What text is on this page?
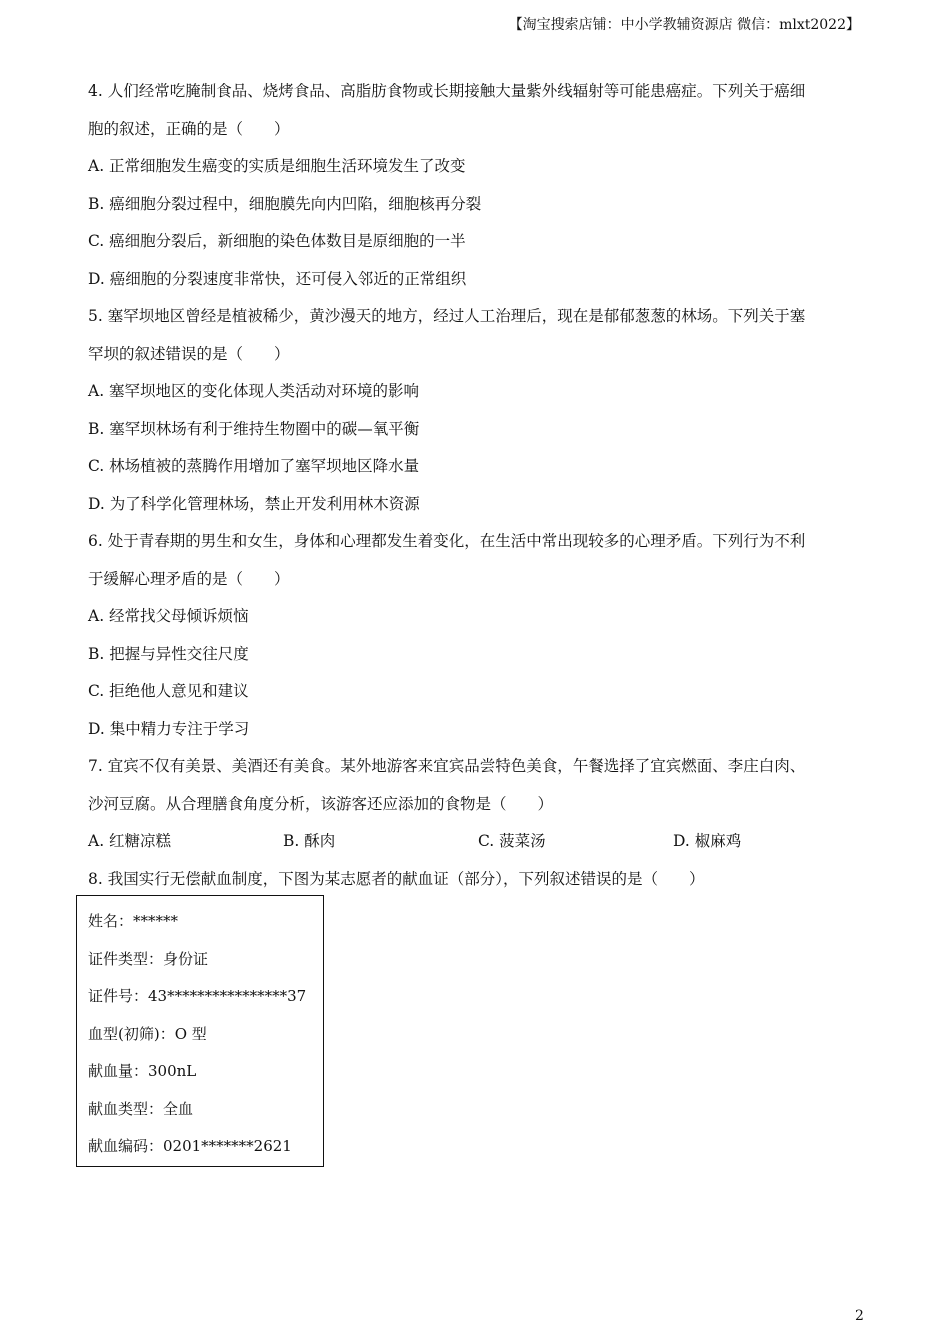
【淘宝搜索店铺：中小学教辅资源店 微信：mlxt2022】
4. 人们经常吃腌制食品、烧烤食品、高脂肪食物或长期接触大量紫外线辐射等可能患癌症。下列关于癌细
胞的叙述，正确的是（　　）
A. 正常细胞发生癌变的实质是细胞生活环境发生了改变
B. 癌细胞分裂过程中，细胞膜先向内凹陷，细胞核再分裂
C. 癌细胞分裂后，新细胞的染色体数目是原细胞的一半
D. 癌细胞的分裂速度非常快，还可侵入邻近的正常组织
5. 塞罕坝地区曾经是植被稀少，黄沙漫天的地方，经过人工治理后，现在是郁郁葱葱的林场。下列关于塞
罕坝的叙述错误的是（　　）
A. 塞罕坝地区的变化体现人类活动对环境的影响
B. 塞罕坝林场有利于维持生物圈中的碳—氧平衡
C. 林场植被的蒸腾作用增加了塞罕坝地区降水量
D. 为了科学化管理林场，禁止开发利用林木资源
6. 处于青春期的男生和女生，身体和心理都发生着变化，在生活中常出现较多的心理矛盾。下列行为不利
于缓解心理矛盾的是（　　）
A. 经常找父母倾诉烦恼
B. 把握与异性交往尺度
C. 拒绝他人意见和建议
D. 集中精力专注于学习
7. 宜宾不仅有美景、美酒还有美食。某外地游客来宜宾品尝特色美食，午餐选择了宜宾燃面、李庄白肉、
沙河豆腐。从合理膳食角度分析，该游客还应添加的食物是（　　）
A. 红糖凉糕	B. 酥肉	C. 菠菜汤	D. 椒麻鸡
8. 我国实行无偿献血制度，下图为某志愿者的献血证（部分），下列叙述错误的是（　　）
姓名：******
证件类型：身份证
证件号：43****************37
血型(初筛)：O 型
献血量：300nL
献血类型：全血
献血编码：0201*******2621
2
